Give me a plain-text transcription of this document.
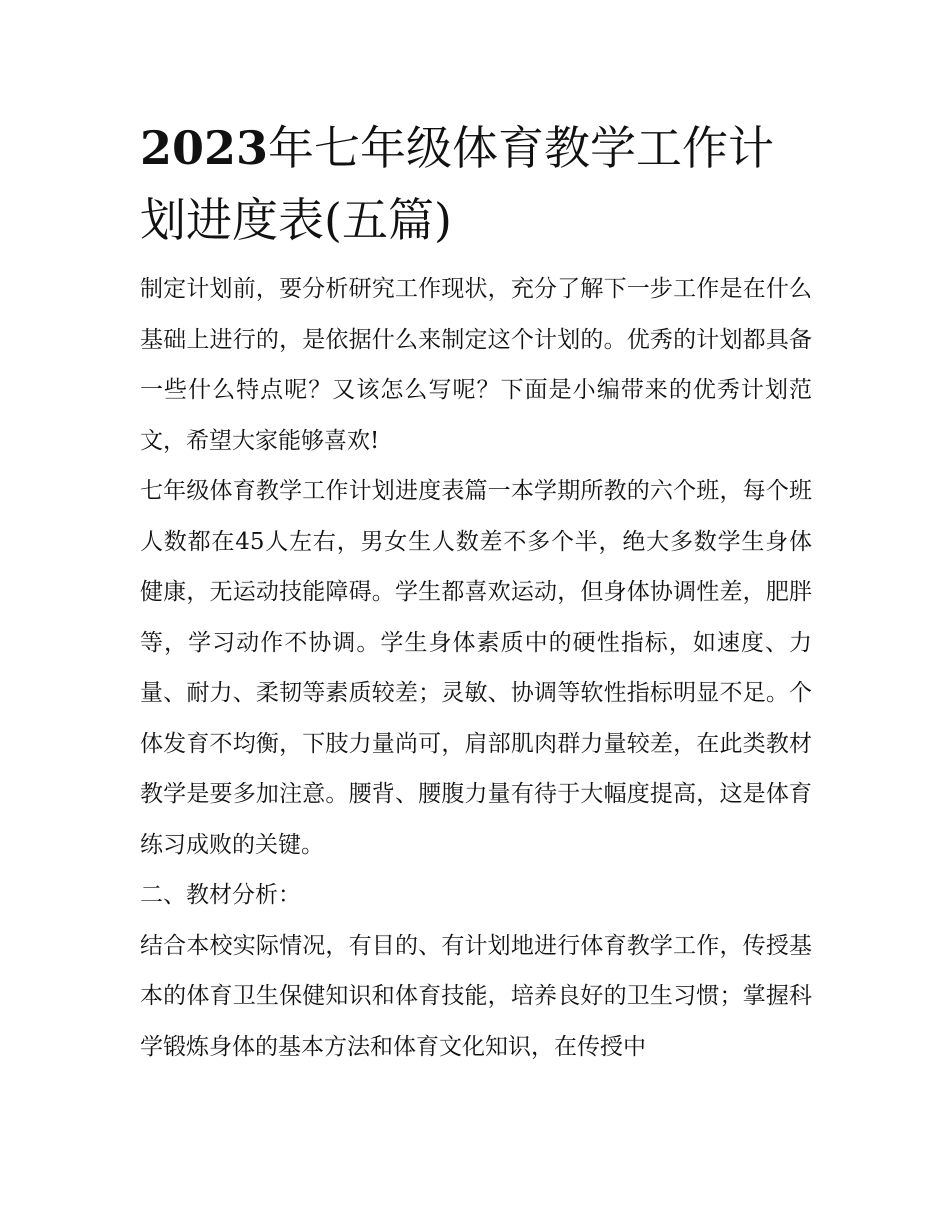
2023年七年级体育教学工作计划进度表(五篇)

制定计划前，要分析研究工作现状，充分了解下一步工作是在什么基础上进行的，是依据什么来制定这个计划的。优秀的计划都具备一些什么特点呢？又该怎么写呢？下面是小编带来的优秀计划范文，希望大家能够喜欢!

七年级体育教学工作计划进度表篇一本学期所教的六个班，每个班人数都在45人左右，男女生人数差不多个半，绝大多数学生身体健康，无运动技能障碍。学生都喜欢运动，但身体协调性差，肥胖等，学习动作不协调。学生身体素质中的硬性指标，如速度、力量、耐力、柔韧等素质较差；灵敏、协调等软性指标明显不足。个体发育不均衡，下肢力量尚可，肩部肌肉群力量较差，在此类教材教学是要多加注意。腰背、腰腹力量有待于大幅度提高，这是体育练习成败的关键。

二、教材分析：

结合本校实际情况，有目的、有计划地进行体育教学工作，传授基本的体育卫生保健知识和体育技能，培养良好的卫生习惯；掌握科学锻炼身体的基本方法和体育文化知识，在传授中
